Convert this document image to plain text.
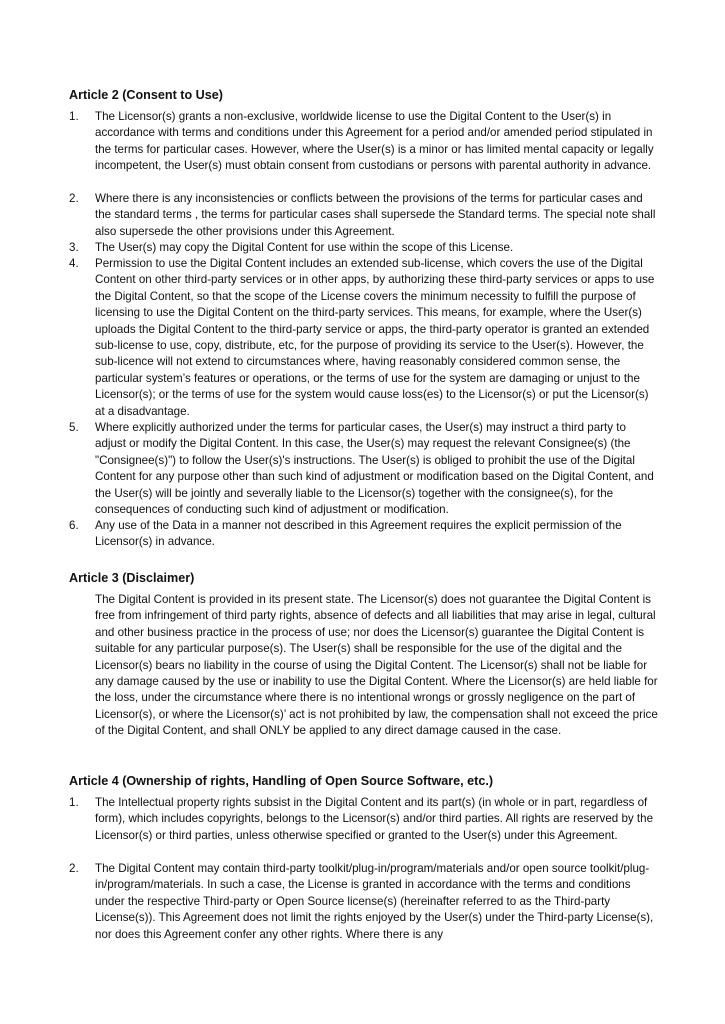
Article 2 (Consent to Use)
1.	The Licensor(s) grants a non-exclusive, worldwide license to use the Digital Content to the User(s) in accordance with terms and conditions under this Agreement for a period and/or amended period stipulated in the terms for particular cases. However, where the User(s) is a minor or has limited mental capacity or legally incompetent, the User(s) must obtain consent from custodians or persons with parental authority in advance.
2.	Where there is any inconsistencies or conflicts between the provisions of the terms for particular cases and the standard terms , the terms for particular cases shall supersede the Standard terms. The special note shall also supersede the other provisions under this Agreement.
3.	The User(s) may copy the Digital Content for use within the scope of this License.
4.	Permission to use the Digital Content includes an extended sub-license, which covers the use of the Digital Content on other third-party services or in other apps, by authorizing these third-party services or apps to use the Digital Content, so that the scope of the License covers the minimum necessity to fulfill the purpose of licensing to use the Digital Content on the third-party services. This means, for example, where the User(s) uploads the Digital Content to the third-party service or apps, the third-party operator is granted an extended sub-license to use, copy, distribute, etc, for the purpose of providing its service to the User(s). However, the sub-licence will not extend to circumstances where, having reasonably considered common sense, the particular system’s features or operations, or the terms of use for the system are damaging or unjust to the Licensor(s); or the terms of use for the system would cause loss(es) to the Licensor(s) or put the Licensor(s) at a disadvantage.
5.	Where explicitly authorized under the terms for particular cases, the User(s) may instruct a third party to adjust or modify the Digital Content. In this case, the User(s) may request the relevant Consignee(s) (the "Consignee(s)") to follow the User(s)'s instructions. The User(s) is obliged to prohibit the use of the Digital Content for any purpose other than such kind of adjustment or modification based on the Digital Content, and the User(s) will be jointly and severally liable to the Licensor(s) together with the consignee(s), for the consequences of conducting such kind of adjustment or modification.
6.	Any use of the Data in a manner not described in this Agreement requires the explicit permission of the Licensor(s) in advance.
Article 3 (Disclaimer)
The Digital Content is provided in its present state. The Licensor(s) does not guarantee the Digital Content is free from infringement of third party rights, absence of defects and all liabilities that may arise in legal, cultural and other business practice in the process of use; nor does the Licensor(s) guarantee the Digital Content is suitable for any particular purpose(s). The User(s) shall be responsible for the use of the digital and the Licensor(s) bears no liability in the course of using the Digital Content. The Licensor(s) shall not be liable for any damage caused by the use or inability to use the Digital Content. Where the Licensor(s) are held liable for the loss, under the circumstance where there is no intentional wrongs or grossly negligence on the part of Licensor(s), or where the Licensor(s)’ act is not prohibited by law, the compensation shall not exceed the price of the Digital Content, and shall ONLY be applied to any direct damage caused in the case.
Article 4 (Ownership of rights, Handling of Open Source Software, etc.)
1.	The Intellectual property rights subsist in the Digital Content and its part(s) (in whole or in part, regardless of form), which includes copyrights, belongs to the Licensor(s) and/or third parties. All rights are reserved by the Licensor(s) or third parties, unless otherwise specified or granted to the User(s) under this Agreement.
2.	The Digital Content may contain third-party toolkit/plug-in/program/materials and/or open source toolkit/plug-in/program/materials. In such a case, the License is granted in accordance with the terms and conditions under the respective Third-party or Open Source license(s) (hereinafter referred to as the Third-party License(s)). This Agreement does not limit the rights enjoyed by the User(s) under the Third-party License(s), nor does this Agreement confer any other rights. Where there is any
